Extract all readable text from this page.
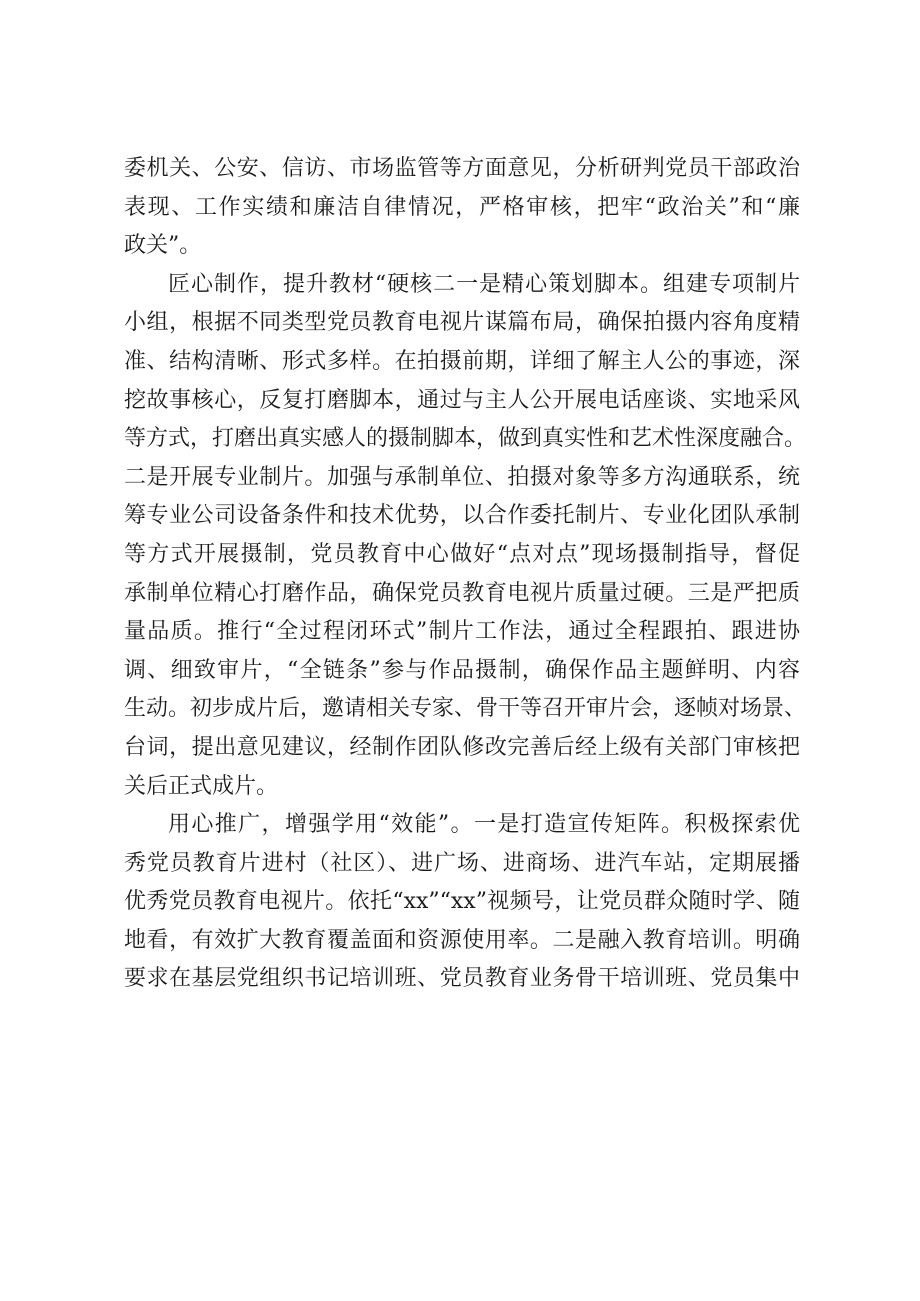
委机关、公安、信访、市场监管等方面意见，分析研判党员干部政治
表现、工作实绩和廉洁自律情况，严格审核，把牢“政治关”和“廉
政关”。
匠心制作，提升教材“硬核二一是精心策划脚本。组建专项制片
小组，根据不同类型党员教育电视片谋篇布局，确保拍摄内容角度精
准、结构清晰、形式多样。在拍摄前期，详细了解主人公的事迹，深
挖故事核心，反复打磨脚本，通过与主人公开展电话座谈、实地采风
等方式，打磨出真实感人的摄制脚本，做到真实性和艺术性深度融合。
二是开展专业制片。加强与承制单位、拍摄对象等多方沟通联系，统
筹专业公司设备条件和技术优势，以合作委托制片、专业化团队承制
等方式开展摄制，党员教育中心做好“点对点”现场摄制指导，督促
承制单位精心打磨作品，确保党员教育电视片质量过硬。三是严把质
量品质。推行“全过程闭环式”制片工作法，通过全程跟拍、跟进协
调、细致审片，“全链条”参与作品摄制，确保作品主题鲜明、内容
生动。初步成片后，邀请相关专家、骨干等召开审片会，逐帧对场景、
台词，提出意见建议，经制作团队修改完善后经上级有关部门审核把
关后正式成片。
用心推广，增强学用“效能”。一是打造宣传矩阵。积极探索优
秀党员教育片进村（社区）、进广场、进商场、进汽车站，定期展播
优秀党员教育电视片。依托“xx”“xx”视频号，让党员群众随时学、随
地看，有效扩大教育覆盖面和资源使用率。二是融入教育培训。明确
要求在基层党组织书记培训班、党员教育业务骨干培训班、党员集中
